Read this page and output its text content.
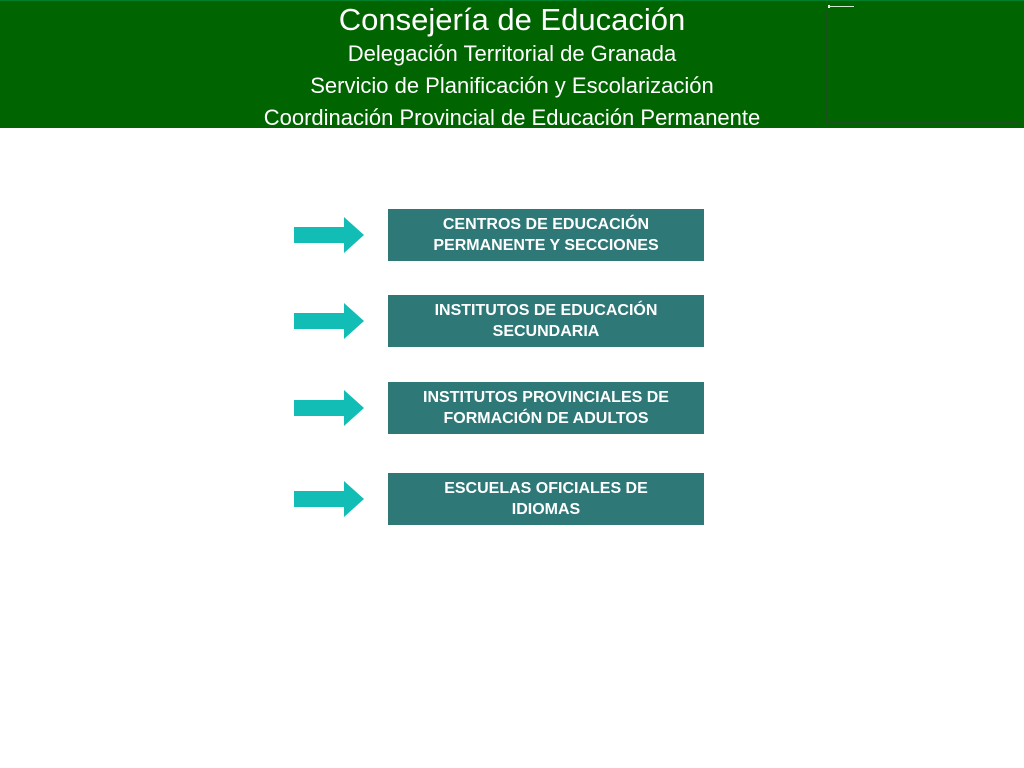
Consejería de Educación
Delegación Territorial de Granada
Servicio de Planificación y Escolarización
Coordinación Provincial de Educación Permanente
CENTROS DE EDUCACIÓN
PERMANENTE Y SECCIONES
INSTITUTOS DE EDUCACIÓN
SECUNDARIA
INSTITUTOS PROVINCIALES DE
FORMACIÓN DE ADULTOS
ESCUELAS OFICIALES DE
IDIOMAS
